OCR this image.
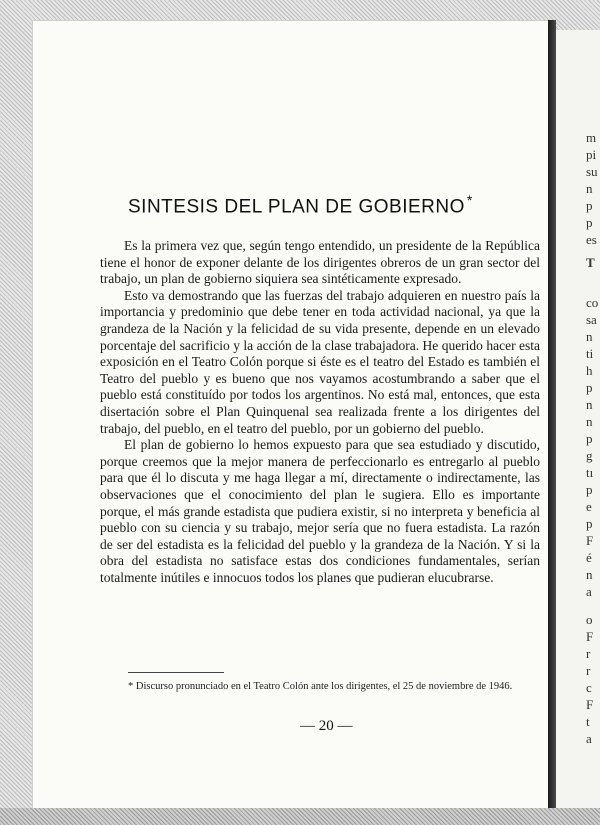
m
pi
su
n
p
p
es
T
co
sa
n
ti
h
p
n
n
p
g
tı
p
e
p
F
é
n
a
o
F
r
r
c
F
t
a
SINTESIS DEL PLAN DE GOBIERNO *

Es la primera vez que, según tengo entendido, un presidente de la República tiene el honor de exponer delante de los dirigentes obreros de un gran sector del trabajo, un plan de gobierno siquiera sea sintéticamente expresado.

Esto va demostrando que las fuerzas del trabajo adquieren en nuestro país la importancia y predominio que debe tener en toda actividad nacional, ya que la grandeza de la Nación y la felicidad de su vida presente, depende en un elevado porcentaje del sacrificio y la acción de la clase trabajadora. He querido hacer esta exposición en el Teatro Colón porque si éste es el teatro del Estado es también el Teatro del pueblo y es bueno que nos vayamos acostumbrando a saber que el pueblo está constituído por todos los argentinos. No está mal, entonces, que esta disertación sobre el Plan Quinquenal sea realizada frente a los dirigentes del trabajo, del pueblo, en el teatro del pueblo, por un gobierno del pueblo.

El plan de gobierno lo hemos expuesto para que sea estudiado y discutido, porque creemos que la mejor manera de perfeccionarlo es entregarlo al pueblo para que él lo discuta y me haga llegar a mí, directamente o indirectamente, las observaciones que el conocimiento del plan le sugiera. Ello es importante porque, el más grande estadista que pudiera existir, si no interpreta y beneficia al pueblo con su ciencia y su trabajo, mejor sería que no fuera estadista. La razón de ser del estadista es la felicidad del pueblo y la grandeza de la Nación. Y si la obra del estadista no satisface estas dos condiciones fundamentales, serían totalmente inútiles e innocuos todos los planes que pudieran elucubrarse.

* Discurso pronunciado en el Teatro Colón ante los dirigentes, el 25 de noviembre de 1946.

— 20 —
